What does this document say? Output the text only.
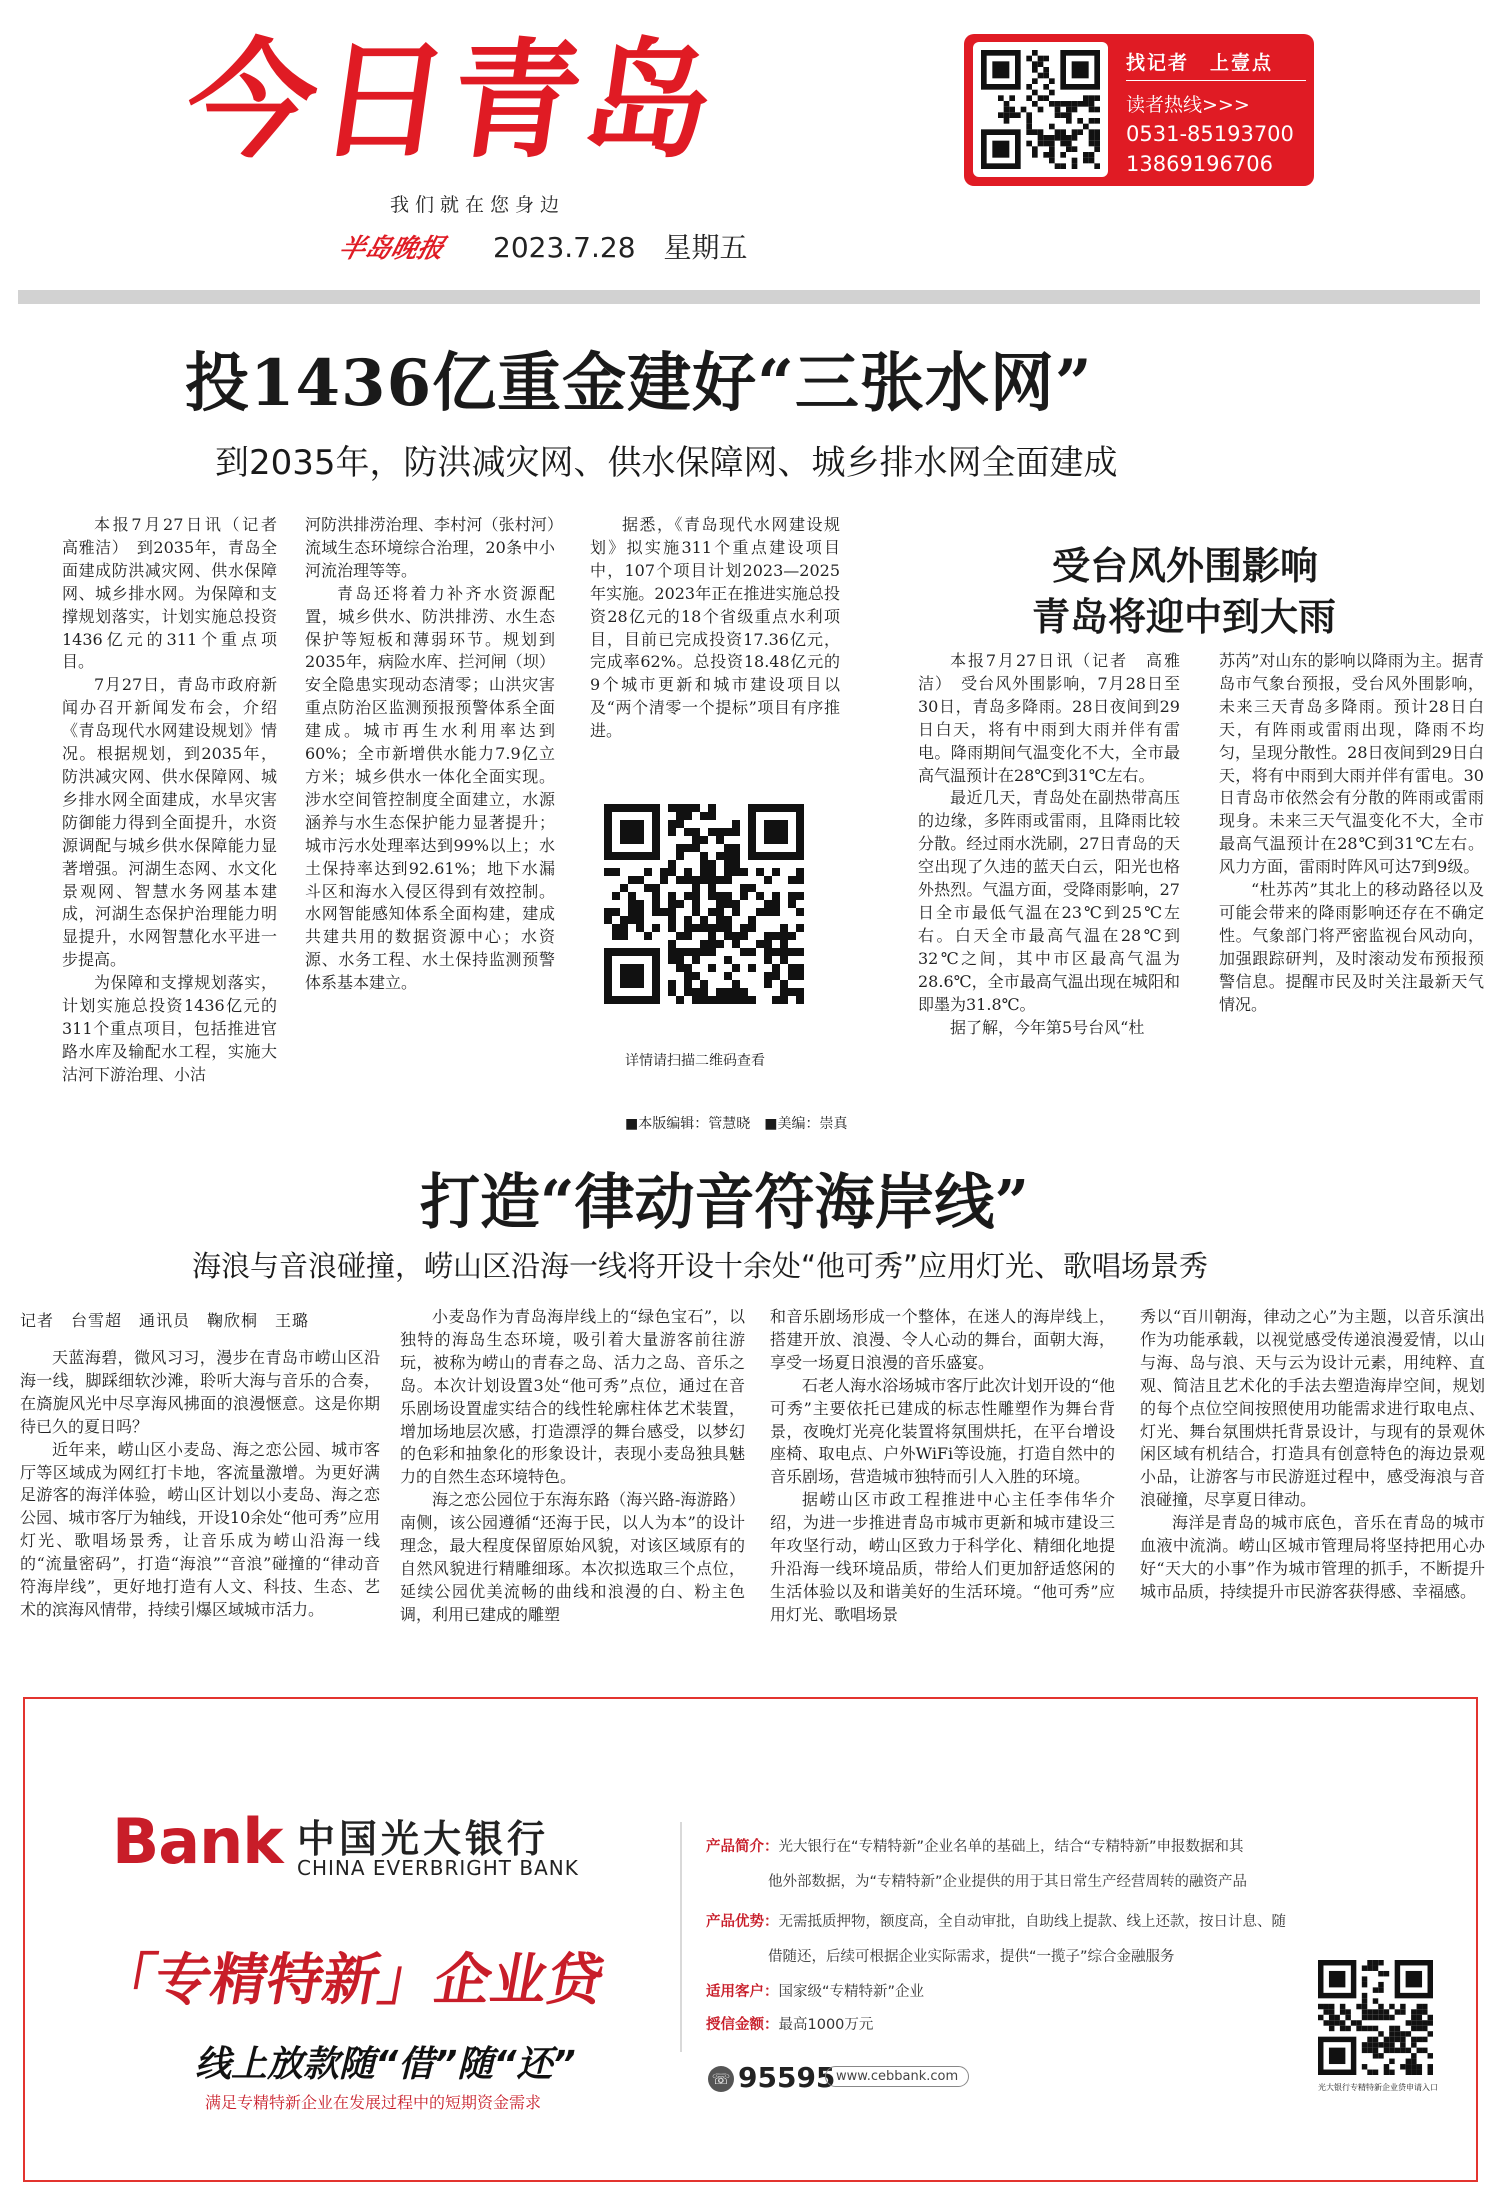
今日青岛
我们就在您身边
半岛晚报 2023.7.28　 星期五
找记者　上壹点
读者热线>>>
0531-85193700
13869196706
投1436亿重金建好“三张水网”
到2035年，防洪减灾网、供水保障网、城乡排水网全面建成

本报7月27日讯（记者　高雅洁）　到2035年，青岛全面建成防洪减灾网、供水保障网、城乡排水网。为保障和支撑规划落实，计划实施总投资1436亿元的311个重点项目。

7月27日，青岛市政府新闻办召开新闻发布会，介绍《青岛现代水网建设规划》情况。根据规划，到2035年，防洪减灾网、供水保障网、城乡排水网全面建成，水旱灾害防御能力得到全面提升，水资源调配与城乡供水保障能力显著增强。河湖生态网、水文化景观网、智慧水务网基本建成，河湖生态保护治理能力明显提升，水网智慧化水平进一步提高。

为保障和支撑规划落实，计划实施总投资1436亿元的311个重点项目，包括推进官路水库及输配水工程，实施大沽河下游治理、小沽

河防洪排涝治理、李村河（张村河）流域生态环境综合治理，20条中小河流治理等等。

青岛还将着力补齐水资源配置，城乡供水、防洪排涝、水生态保护等短板和薄弱环节。规划到2035年，病险水库、拦河闸（坝）安全隐患实现动态清零；山洪灾害重点防治区监测预报预警体系全面建成。城市再生水利用率达到60%；全市新增供水能力7.9亿立方米；城乡供水一体化全面实现。涉水空间管控制度全面建立，水源涵养与水生态保护能力显著提升；城市污水处理率达到99%以上；水土保持率达到92.61%；地下水漏斗区和海水入侵区得到有效控制。水网智能感知体系全面构建，建成共建共用的数据资源中心；水资源、水务工程、水土保持监测预警体系基本建立。

据悉，《青岛现代水网建设规划》拟实施311个重点建设项目中，107个项目计划2023—2025年实施。2023年正在推进实施总投资28亿元的18个省级重点水利项目，目前已完成投资17.36亿元，完成率62%。总投资18.48亿元的9个城市更新和城市建设项目以及“两个清零一个提标”项目有序推进。

详情请扫描二维码查看
■本版编辑：管慧晓　■美编：崇真
受台风外围影响
青岛将迎中到大雨

本报7月27日讯（记者　高雅洁）　受台风外围影响，7月28日至30日，青岛多降雨。28日夜间到29日白天，将有中雨到大雨并伴有雷电。降雨期间气温变化不大，全市最高气温预计在28℃到31℃左右。

最近几天，青岛处在副热带高压的边缘，多阵雨或雷雨，且降雨比较分散。经过雨水洗刷，27日青岛的天空出现了久违的蓝天白云，阳光也格外热烈。气温方面，受降雨影响，27日全市最低气温在23℃到25℃左右。白天全市最高气温在28℃到32℃之间，其中市区最高气温为28.6℃，全市最高气温出现在城阳和即墨为31.8℃。

据了解，今年第5号台风“杜

苏芮”对山东的影响以降雨为主。据青岛市气象台预报，受台风外围影响，未来三天青岛多降雨。预计28日白天，有阵雨或雷雨出现，降雨不均匀，呈现分散性。28日夜间到29日白天，将有中雨到大雨并伴有雷电。30日青岛市依然会有分散的阵雨或雷雨现身。未来三天气温变化不大，全市最高气温预计在28℃到31℃左右。风力方面，雷雨时阵风可达7到9级。

“杜苏芮”其北上的移动路径以及可能会带来的降雨影响还存在不确定性。气象部门将严密监视台风动向，加强跟踪研判，及时滚动发布预报预警信息。提醒市民及时关注最新天气情况。

打造“律动音符海岸线”
海浪与音浪碰撞，崂山区沿海一线将开设十余处“他可秀”应用灯光、歌唱场景秀
记者　台雪超　通讯员　鞠欣桐　王璐

天蓝海碧，微风习习，漫步在青岛市崂山区沿海一线，脚踩细软沙滩，聆听大海与音乐的合奏，在旖旎风光中尽享海风拂面的浪漫惬意。这是你期待已久的夏日吗？

近年来，崂山区小麦岛、海之恋公园、城市客厅等区域成为网红打卡地，客流量激增。为更好满足游客的海洋体验，崂山区计划以小麦岛、海之恋公园、城市客厅为轴线，开设10余处“他可秀”应用灯光、歌唱场景秀，让音乐成为崂山沿海一线的“流量密码”，打造“海浪”“音浪”碰撞的“律动音符海岸线”，更好地打造有人文、科技、生态、艺术的滨海风情带，持续引爆区域城市活力。

小麦岛作为青岛海岸线上的“绿色宝石”，以独特的海岛生态环境，吸引着大量游客前往游玩，被称为崂山的青春之岛、活力之岛、音乐之岛。本次计划设置3处“他可秀”点位，通过在音乐剧场设置虚实结合的线性轮廓柱体艺术装置，增加场地层次感，打造漂浮的舞台感受，以梦幻的色彩和抽象化的形象设计，表现小麦岛独具魅力的自然生态环境特色。

海之恋公园位于东海东路（海兴路-海游路）南侧，该公园遵循“还海于民，以人为本”的设计理念，最大程度保留原始风貌，对该区域原有的自然风貌进行精雕细琢。本次拟选取三个点位，延续公园优美流畅的曲线和浪漫的白、粉主色调，利用已建成的雕塑

和音乐剧场形成一个整体，在迷人的海岸线上，搭建开放、浪漫、令人心动的舞台，面朝大海，享受一场夏日浪漫的音乐盛宴。

石老人海水浴场城市客厅此次计划开设的“他可秀”主要依托已建成的标志性雕塑作为舞台背景，夜晚灯光亮化装置将氛围烘托，在平台增设座椅、取电点、户外WiFi等设施，打造自然中的音乐剧场，营造城市独特而引人入胜的环境。

据崂山区市政工程推进中心主任李伟华介绍，为进一步推进青岛市城市更新和城市建设三年攻坚行动，崂山区致力于科学化、精细化地提升沿海一线环境品质，带给人们更加舒适悠闲的生活体验以及和谐美好的生活环境。“他可秀”应用灯光、歌唱场景

秀以“百川朝海，律动之心”为主题，以音乐演出作为功能承载，以视觉感受传递浪漫爱情，以山与海、岛与浪、天与云为设计元素，用纯粹、直观、简洁且艺术化的手法去塑造海岸空间，规划的每个点位空间按照使用功能需求进行取电点、灯光、舞台氛围烘托背景设计，与现有的景观休闲区域有机结合，打造具有创意特色的海边景观小品，让游客与市民游逛过程中，感受海浪与音浪碰撞，尽享夏日律动。

海洋是青岛的城市底色，音乐在青岛的城市血液中流淌。崂山区城市管理局将坚持把用心办好“天大的小事”作为城市管理的抓手，不断提升城市品质，持续提升市民游客获得感、幸福感。

Bank 中国光大银行
CHINA EVERBRIGHT BANK
「专精特新」企业贷
线上放款随“借”随“还”
满足专精特新企业在发展过程中的短期资金需求
产品简介：光大银行在“专精特新”企业名单的基础上，结合“专精特新”申报数据和其
他外部数据，为“专精特新”企业提供的用于其日常生产经营周转的融资产品
产品优势：无需抵质押物，额度高，全自动审批，自助线上提款、线上还款，按日计息、随
借随还，后续可根据企业实际需求，提供“一揽子”综合金融服务
适用客户：国家级“专精特新”企业
授信金额：最高1000万元
☏ 95595 www.cebbank.com
光大银行专精特新企业贷申请入口
